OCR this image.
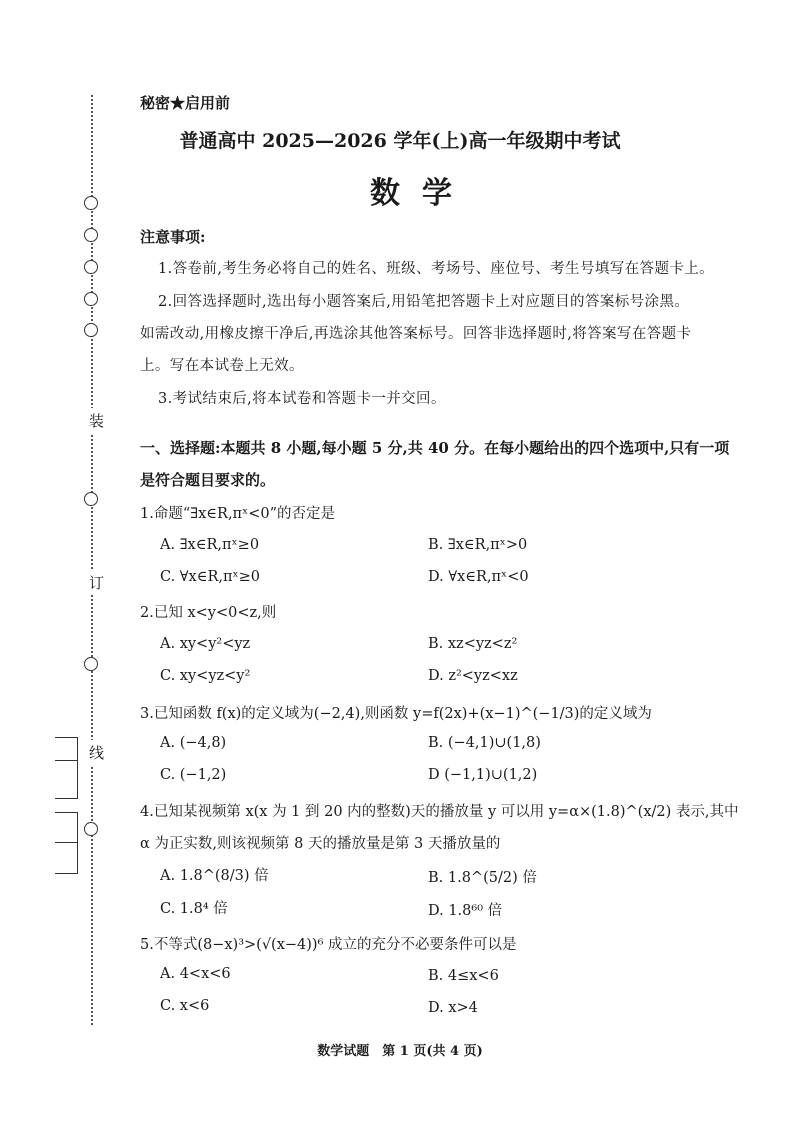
装
订
线
秘密★启用前
普通高中 2025—2026 学年(上)高一年级期中考试
数学
注意事项:
1.答卷前,考生务必将自己的姓名、班级、考场号、座位号、考生号填写在答题卡上。
2.回答选择题时,选出每小题答案后,用铅笔把答题卡上对应题目的答案标号涂黑。
如需改动,用橡皮擦干净后,再选涂其他答案标号。回答非选择题时,将答案写在答题卡
上。写在本试卷上无效。
3.考试结束后,将本试卷和答题卡一并交回。
一、选择题:本题共 8 小题,每小题 5 分,共 40 分。在每小题给出的四个选项中,只有一项
是符合题目要求的。
1.命题“∃x∈R,πˣ<0”的否定是
A. ∃x∈R,πˣ≥0	B. ∃x∈R,πˣ>0
C. ∀x∈R,πˣ≥0	D. ∀x∈R,πˣ<0
2.已知 x<y<0<z,则
A. xy<y²<yz	B. xz<yz<z²
C. xy<yz<y²	D. z²<yz<xz
3.已知函数 f(x)的定义域为(−2,4),则函数 y=f(2x)+(x−1)^(−1/3)的定义域为
A. (−4,8)	B. (−4,1)∪(1,8)
C. (−1,2)	D (−1,1)∪(1,2)
4.已知某视频第 x(x 为 1 到 20 内的整数)天的播放量 y 可以用 y=α×(1.8)^(x/2) 表示,其中
α 为正实数,则该视频第 8 天的播放量是第 3 天播放量的
A. 1.8^(8/3) 倍	B. 1.8^(5/2) 倍
C. 1.8⁴ 倍	D. 1.8⁶⁰ 倍
5.不等式(8−x)³>(√(x−4))⁶ 成立的充分不必要条件可以是
A. 4<x<6	B. 4≤x<6
C. x<6	D. x>4
数学试题　第 1 页(共 4 页)
